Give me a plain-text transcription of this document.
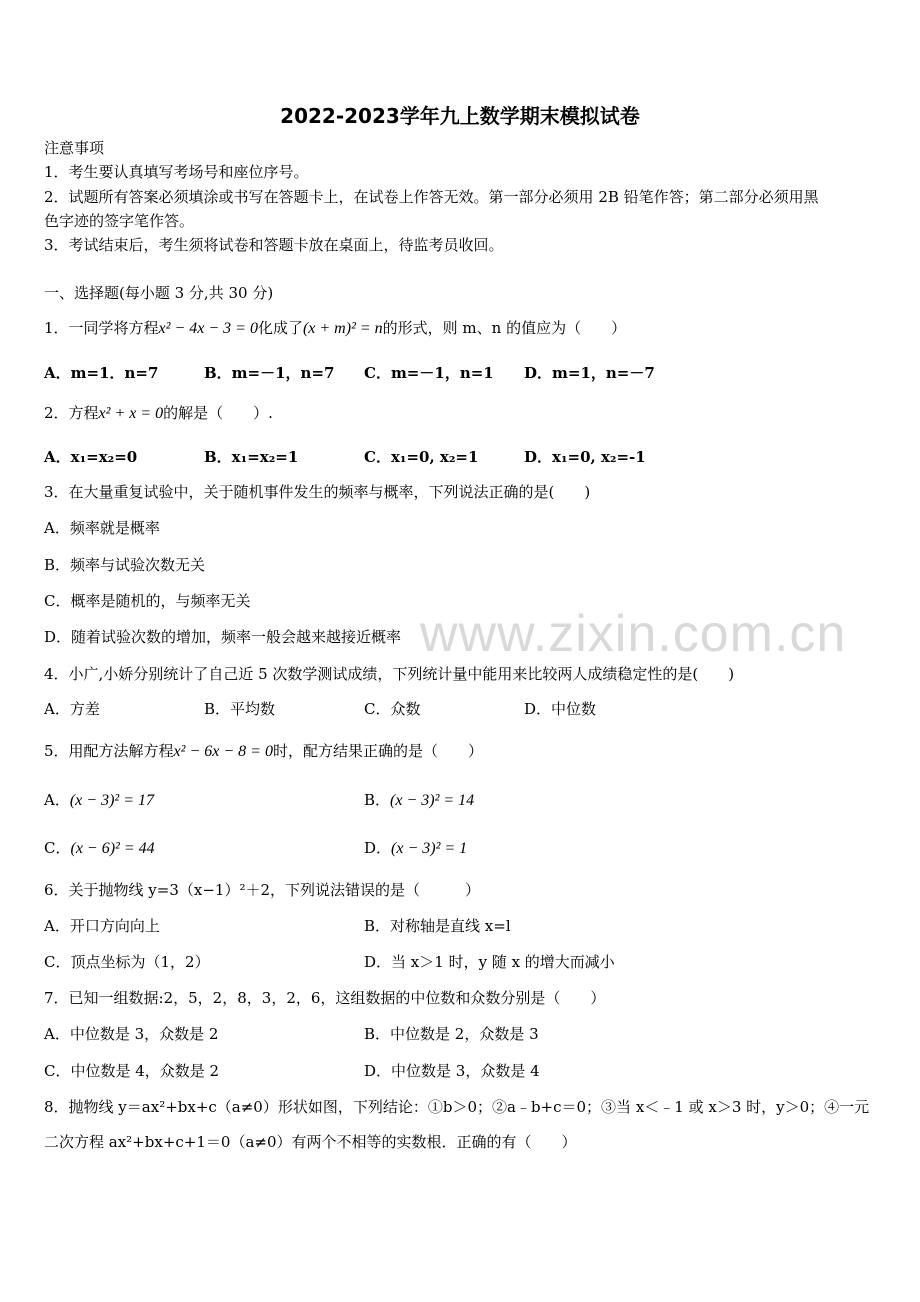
2022-2023学年九上数学期末模拟试卷
www.zixin.com.cn
注意事项
1．考生要认真填写考场号和座位序号。
2．试题所有答案必须填涂或书写在答题卡上，在试卷上作答无效。第一部分必须用 2B 铅笔作答；第二部分必须用黑
色字迹的签字笔作答。
3．考试结束后，考生须将试卷和答题卡放在桌面上，待监考员收回。
一、选择题(每小题 3 分,共 30 分)
1．一同学将方程x² − 4x − 3 = 0化成了(x + m)² = n的形式，则 m、n 的值应为（　　）
A．m=1．n=7	B．m=－1，n=7 C．m=－1，n=1 D．m=1，n=－7
2．方程x² + x = 0的解是（　　）.
A．x₁=x₂=0	B．x₁=x₂=1	C．x₁=0, x₂=1	D．x₁=0, x₂=-1
3．在大量重复试验中，关于随机事件发生的频率与概率，下列说法正确的是(　　)
A．频率就是概率
B．频率与试验次数无关
C．概率是随机的，与频率无关
D．随着试验次数的增加，频率一般会越来越接近概率
4．小广,小娇分别统计了自己近 5 次数学测试成绩，下列统计量中能用来比较两人成绩稳定性的是(　　)
A．方差	B．平均数	C．众数	D．中位数
5．用配方法解方程x² − 6x − 8 = 0时，配方结果正确的是（　　）
A．(x − 3)² = 17	B．(x − 3)² = 14
C．(x − 6)² = 44	D．(x − 3)² = 1
6．关于抛物线 y=3（x−1）²＋2，下列说法错误的是（　　　）
A．开口方向向上	B．对称轴是直线 x=l
C．顶点坐标为（1，2）	D．当 x＞1 时，y 随 x 的增大而减小
7．已知一组数据:2，5，2，8，3，2，6，这组数据的中位数和众数分别是（　　）
A．中位数是 3，众数是 2	B．中位数是 2，众数是 3
C．中位数是 4，众数是 2	D．中位数是 3，众数是 4
8．抛物线 y＝ax²+bx+c（a≠0）形状如图，下列结论：①b＞0；②a﹣b+c＝0；③当 x＜﹣1 或 x＞3 时，y＞0；④一元
二次方程 ax²+bx+c+1＝0（a≠0）有两个不相等的实数根．正确的有（　　）
